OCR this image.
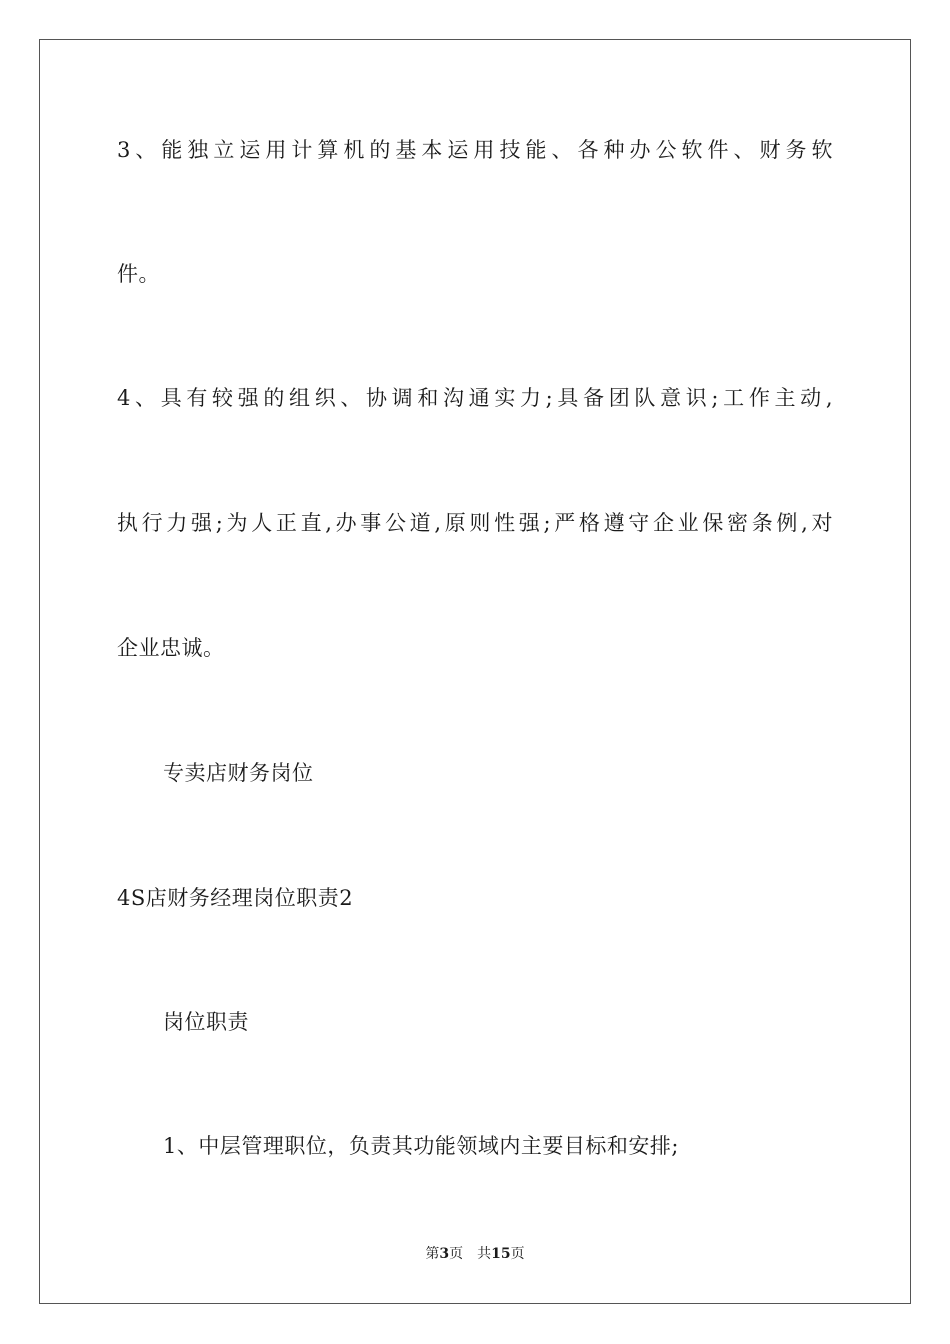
3、能独立运用计算机的基本运用技能、各种办公软件、财务软

件。

4、具有较强的组织、协调和沟通实力;具备团队意识;工作主动,

执行力强;为人正直,办事公道,原则性强;严格遵守企业保密条例,对

企业忠诚。

专卖店财务岗位

4S店财务经理岗位职责2

岗位职责

1、中层管理职位，负责其功能领域内主要目标和安排;

第3页 共15页
